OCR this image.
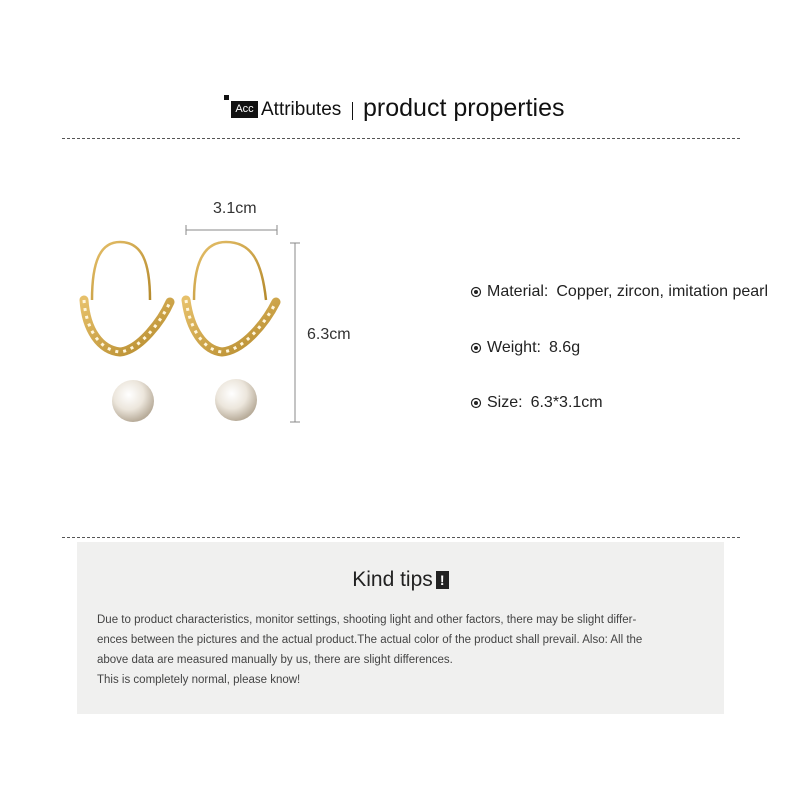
Acc Attributes product properties
3.1cm
6.3cm
Material: Copper, zircon, imitation pearl
Weight: 8.6g
Size: 6.3*3.1cm
Kind tips !
Due to product characteristics, monitor settings, shooting light and other factors, there may be slight differ-
ences between the pictures and the actual product.The actual color of the product shall prevail. Also: All the
above data are measured manually by us, there are slight differences.
This is completely normal, please know!
